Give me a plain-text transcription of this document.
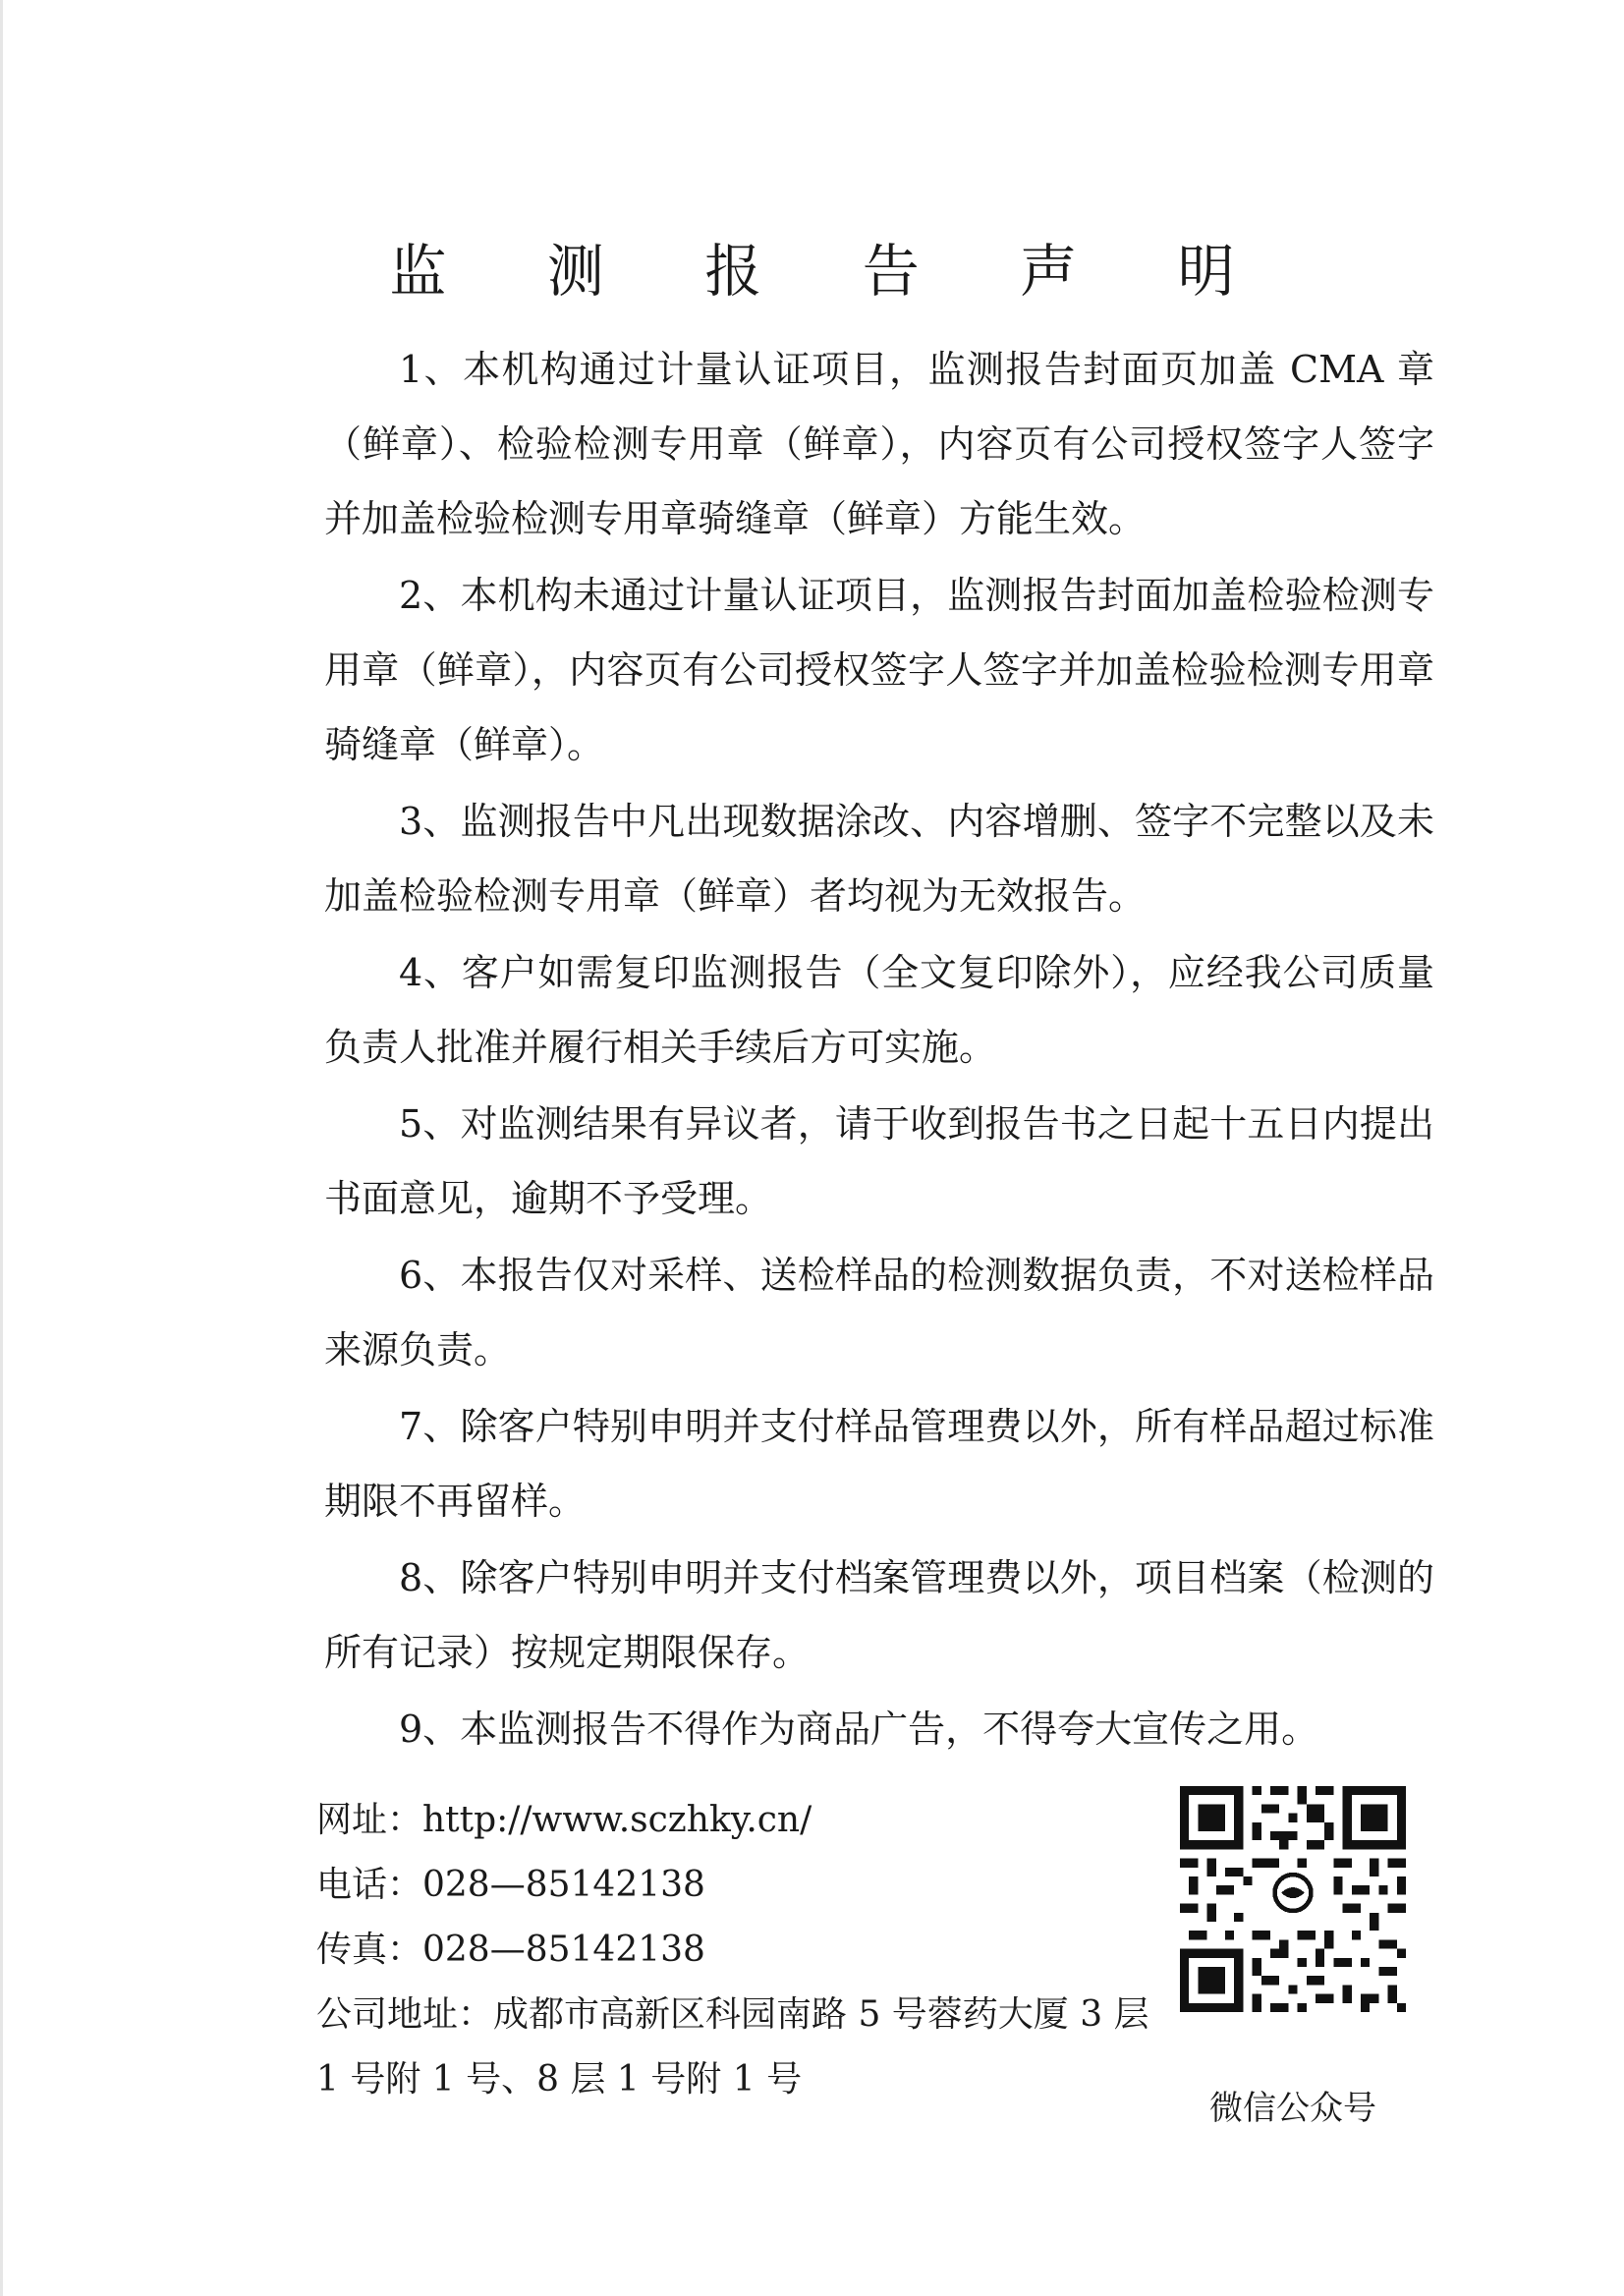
监 测 报 告 声 明

1、本机构通过计量认证项目，监测报告封面页加盖 CMA 章（鲜章）、检验检测专用章（鲜章），内容页有公司授权签字人签字并加盖检验检测专用章骑缝章（鲜章）方能生效。

2、本机构未通过计量认证项目，监测报告封面加盖检验检测专用章（鲜章），内容页有公司授权签字人签字并加盖检验检测专用章骑缝章（鲜章）。

3、监测报告中凡出现数据涂改、内容增删、签字不完整以及未加盖检验检测专用章（鲜章）者均视为无效报告。

4、客户如需复印监测报告（全文复印除外），应经我公司质量负责人批准并履行相关手续后方可实施。

5、对监测结果有异议者，请于收到报告书之日起十五日内提出书面意见，逾期不予受理。

6、本报告仅对采样、送检样品的检测数据负责，不对送检样品来源负责。

7、除客户特别申明并支付样品管理费以外，所有样品超过标准期限不再留样。

8、除客户特别申明并支付档案管理费以外，项目档案（检测的所有记录）按规定期限保存。

9、本监测报告不得作为商品广告，不得夸大宣传之用。

网址：http://www.sczhky.cn/
电话：028—85142138
传真：028—85142138
公司地址：成都市高新区科园南路 5 号蓉药大厦 3 层 1 号附 1 号、8 层 1 号附 1 号
微信公众号
